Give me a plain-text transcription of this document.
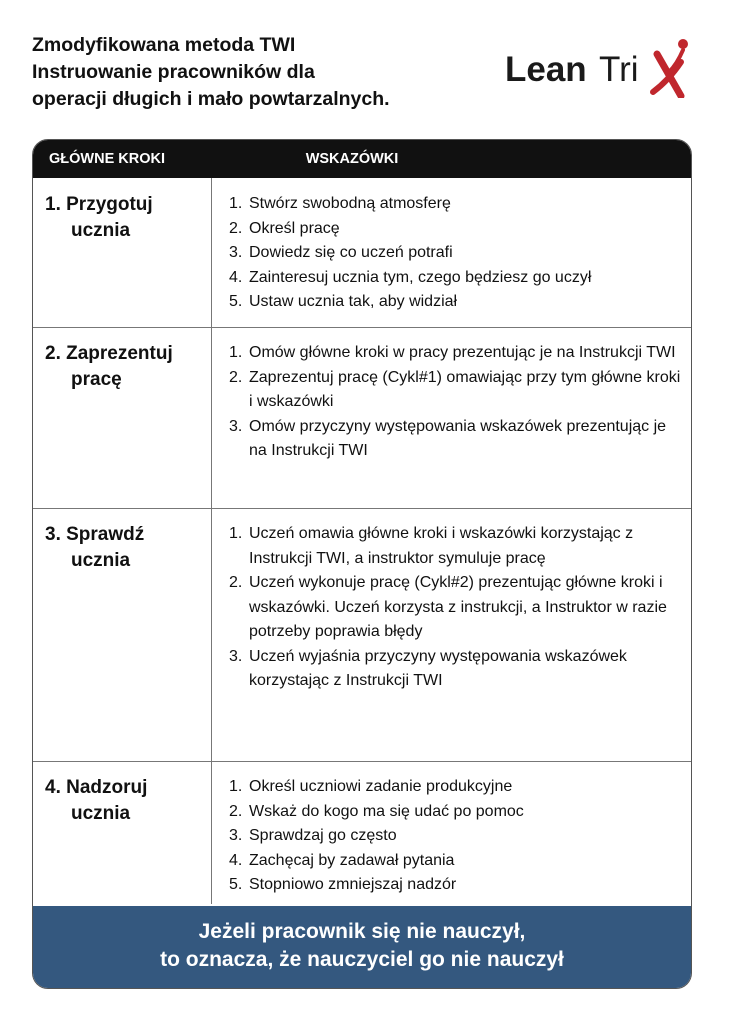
Zmodyfikowana metoda TWI
Instruowanie pracowników dla
operacji długich i mało powtarzalnych.
Lean Tri
GŁÓWNE KROKI	WSKAZÓWKI
1. Przygotuj
ucznia
1. Stwórz swobodną atmosferę
2. Określ pracę
3. Dowiedz się co uczeń potrafi
4. Zainteresuj ucznia tym, czego będziesz go uczył
5. Ustaw ucznia tak, aby widział
2. Zaprezentuj
pracę
1. Omów główne kroki w pracy prezentując je na Instrukcji TWI
2. Zaprezentuj pracę (Cykl#1) omawiając przy tym główne kroki i wskazówki
3. Omów przyczyny występowania wskazówek prezentując je na Instrukcji TWI
3. Sprawdź
ucznia
1. Uczeń omawia główne kroki i wskazówki korzystając z Instrukcji TWI, a instruktor symuluje pracę
2. Uczeń wykonuje pracę (Cykl#2) prezentując główne kroki i wskazówki. Uczeń korzysta z instrukcji, a Instruktor w razie potrzeby poprawia błędy
3. Uczeń wyjaśnia przyczyny występowania wskazówek korzystając z Instrukcji TWI
4. Nadzoruj
ucznia
1. Określ uczniowi zadanie produkcyjne
2. Wskaż do kogo ma się udać po pomoc
3. Sprawdzaj go często
4. Zachęcaj by zadawał pytania
5. Stopniowo zmniejszaj nadzór
Jeżeli pracownik się nie nauczył,
to oznacza, że nauczyciel go nie nauczył
